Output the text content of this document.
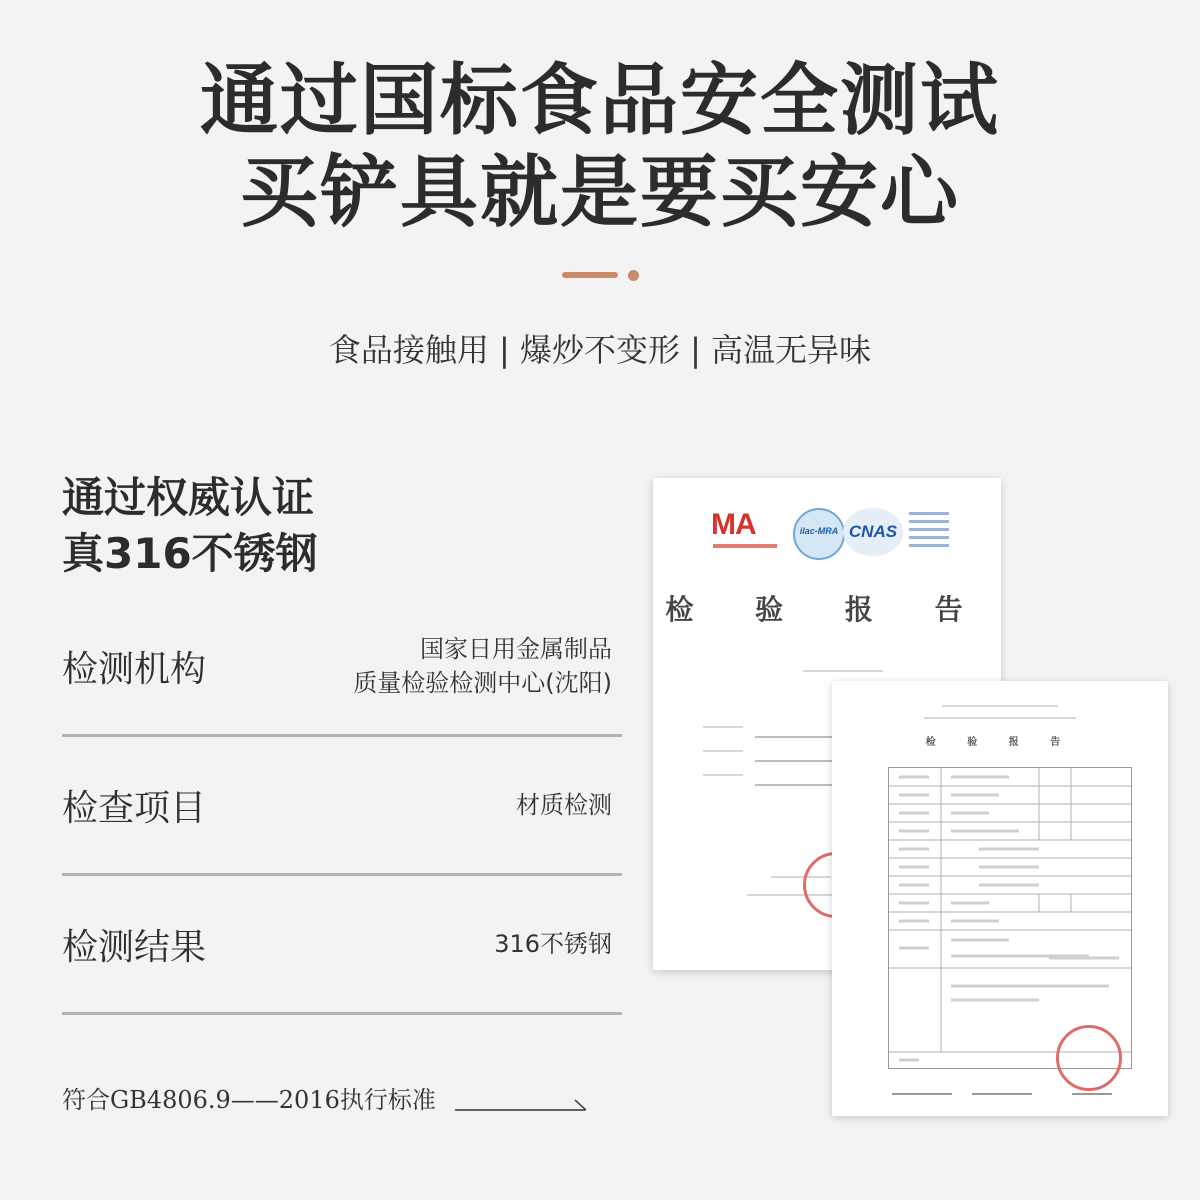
通过国标食品安全测试
买铲具就是要买安心
食品接触用 | 爆炒不变形 | 高温无异味
通过权威认证
真316不锈钢
检测机构	国家日用金属制品
质量检验检测中心(沈阳)
检查项目	材质检测
检测结果	316不锈钢
符合GB4806.9——2016执行标准
MA	ilac-MRA CNAS
检 验 报 告
检 验 报 告
